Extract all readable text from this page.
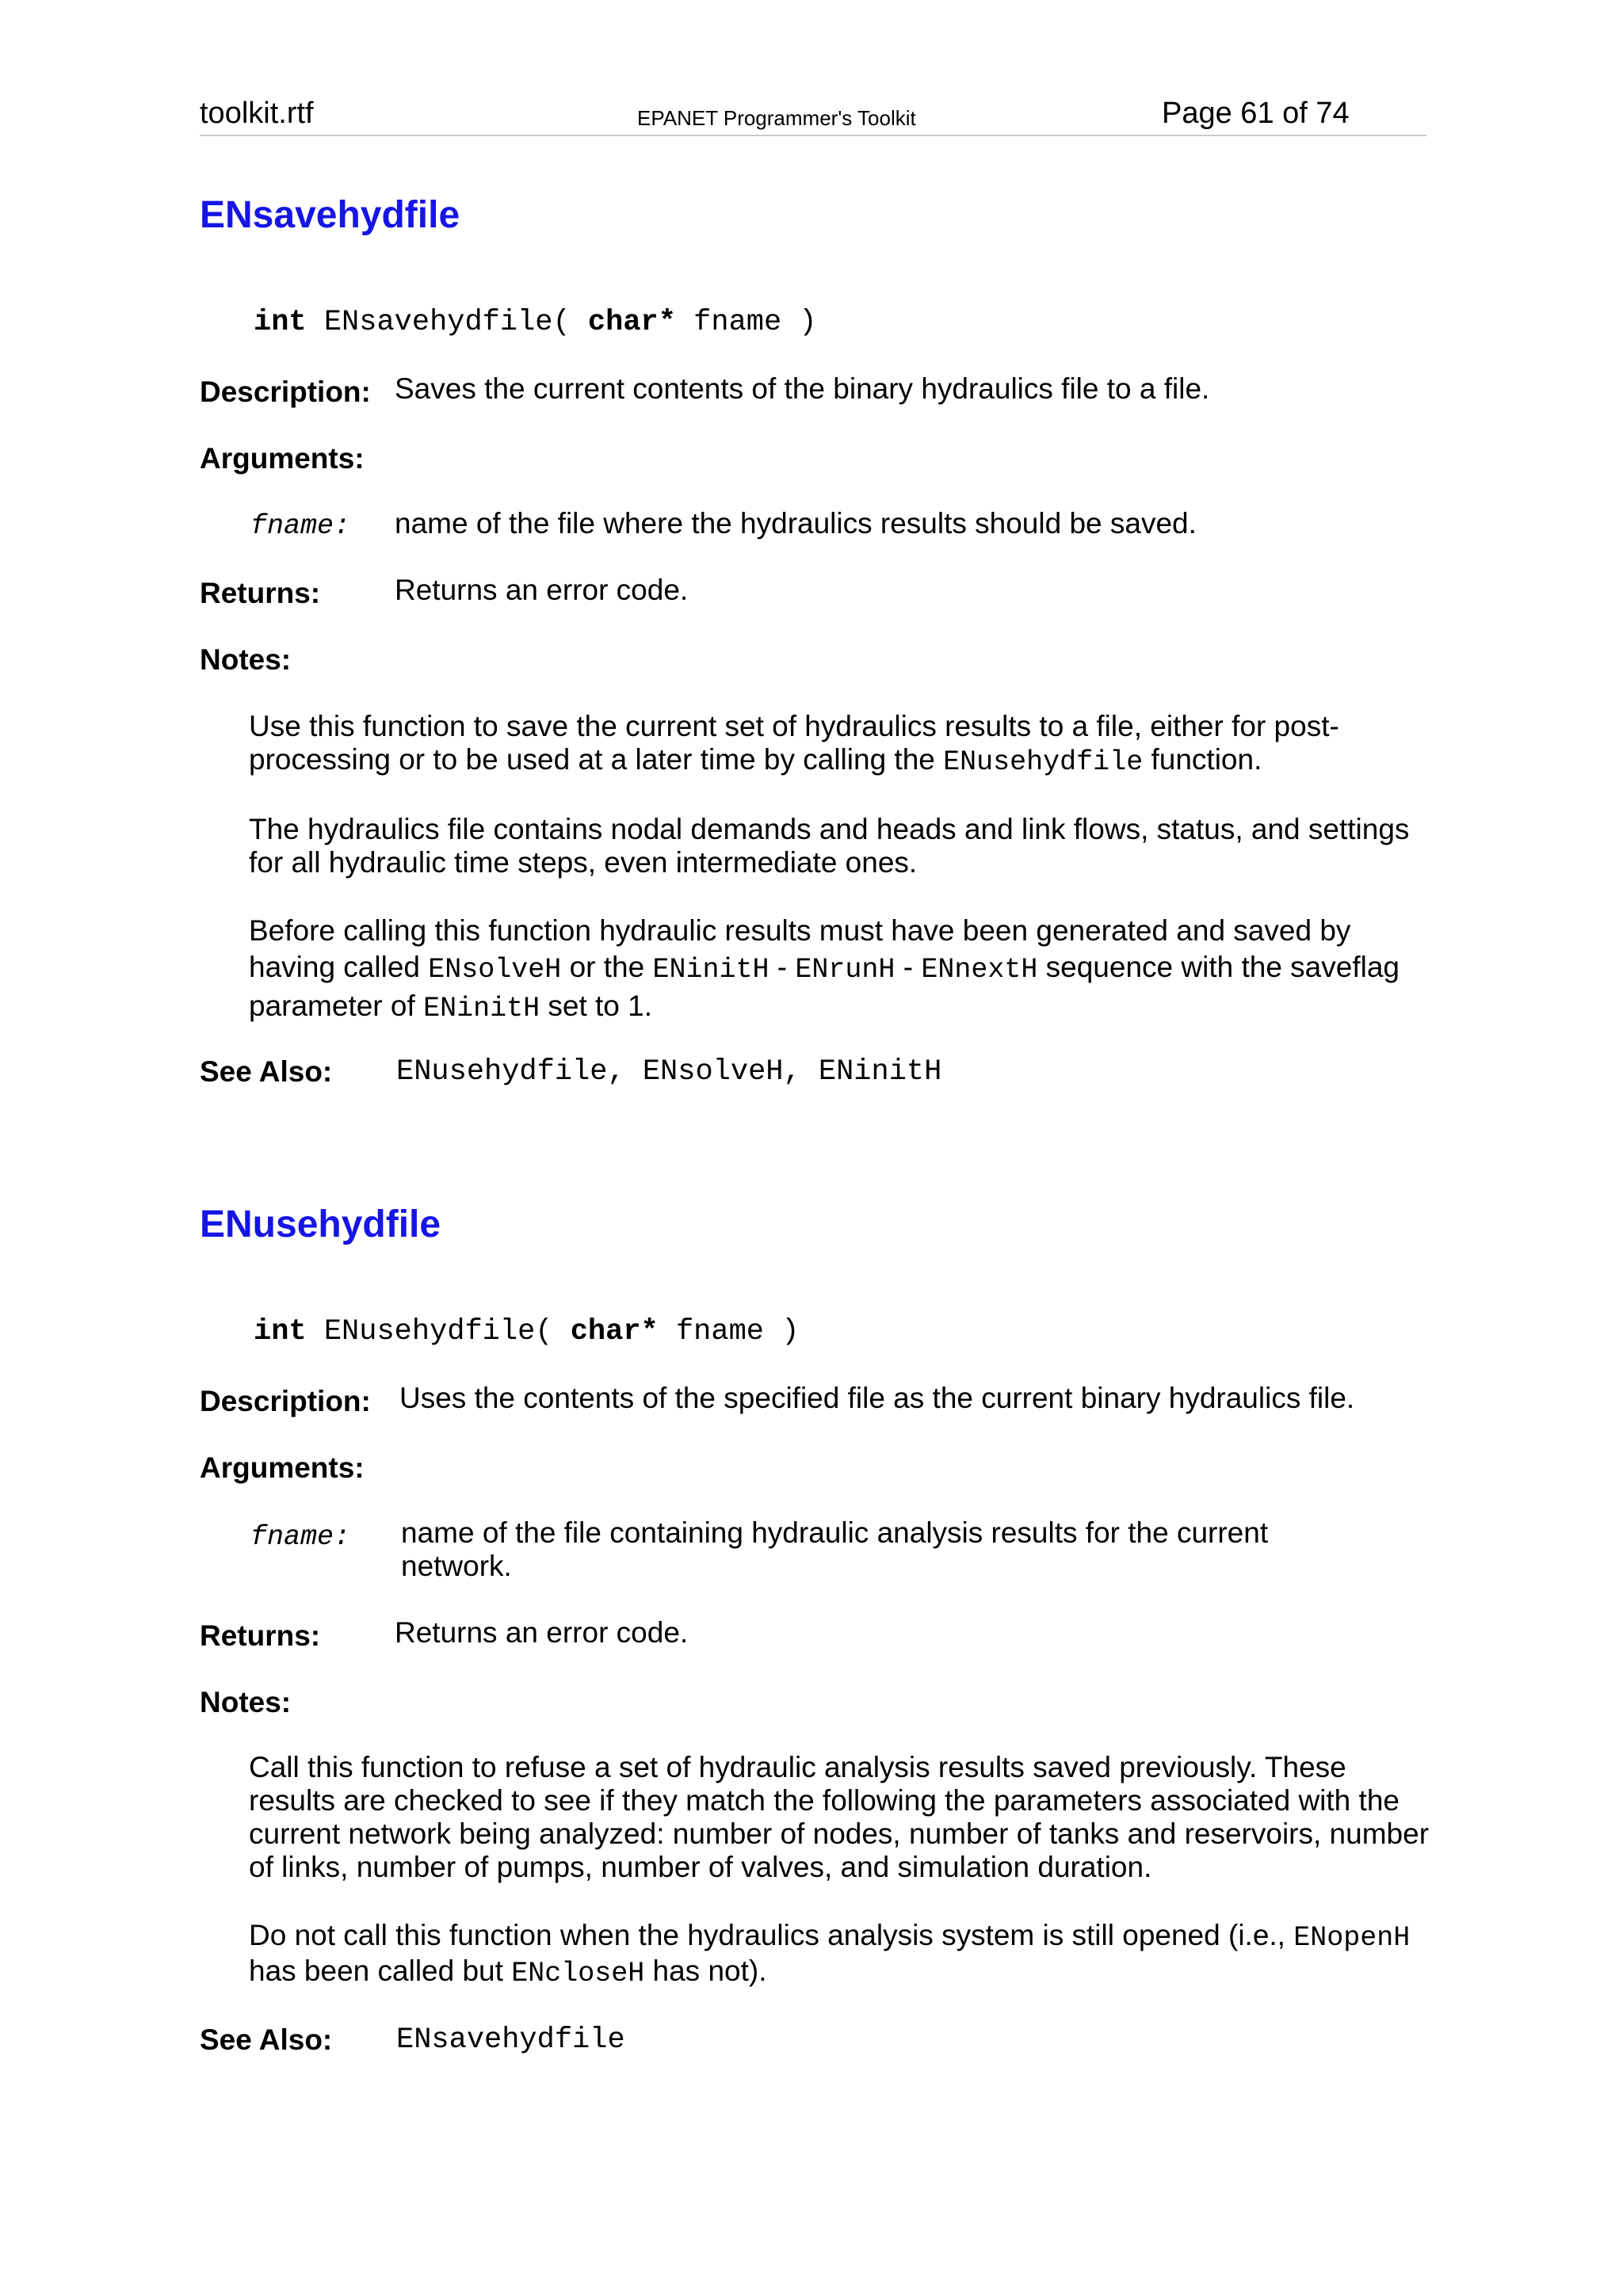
toolkit.rtf	EPANET Programmer's Toolkit	Page 61 of 74
ENsavehydfile
int ENsavehydfile( char* fname )
Description: Saves the current contents of the binary hydraulics file to a file.
Arguments:
fname: name of the file where the hydraulics results should be saved.
Returns:	Returns an error code.
Notes:
Use this function to save the current set of hydraulics results to a file, either for post-processing or to be used at a later time by calling the ENusehydfile function.
The hydraulics file contains nodal demands and heads and link flows, status, and settings for all hydraulic time steps, even intermediate ones.
Before calling this function hydraulic results must have been generated and saved by having called ENsolveH or the ENinitH - ENrunH - ENnextH sequence with the saveflag parameter of ENinitH set to 1.
See Also: ENusehydfile, ENsolveH, ENinitH
ENusehydfile
int ENusehydfile( char* fname )
Description: Uses the contents of the specified file as the current binary hydraulics file.
Arguments:
fname: name of the file containing hydraulic analysis results for the current network.
Returns:	Returns an error code.
Notes:
Call this function to refuse a set of hydraulic analysis results saved previously. These results are checked to see if they match the following the parameters associated with the current network being analyzed: number of nodes, number of tanks and reservoirs, number of links, number of pumps, number of valves, and simulation duration.
Do not call this function when the hydraulics analysis system is still opened (i.e., ENopenH has been called but ENcloseH has not).
See Also: ENsavehydfile
